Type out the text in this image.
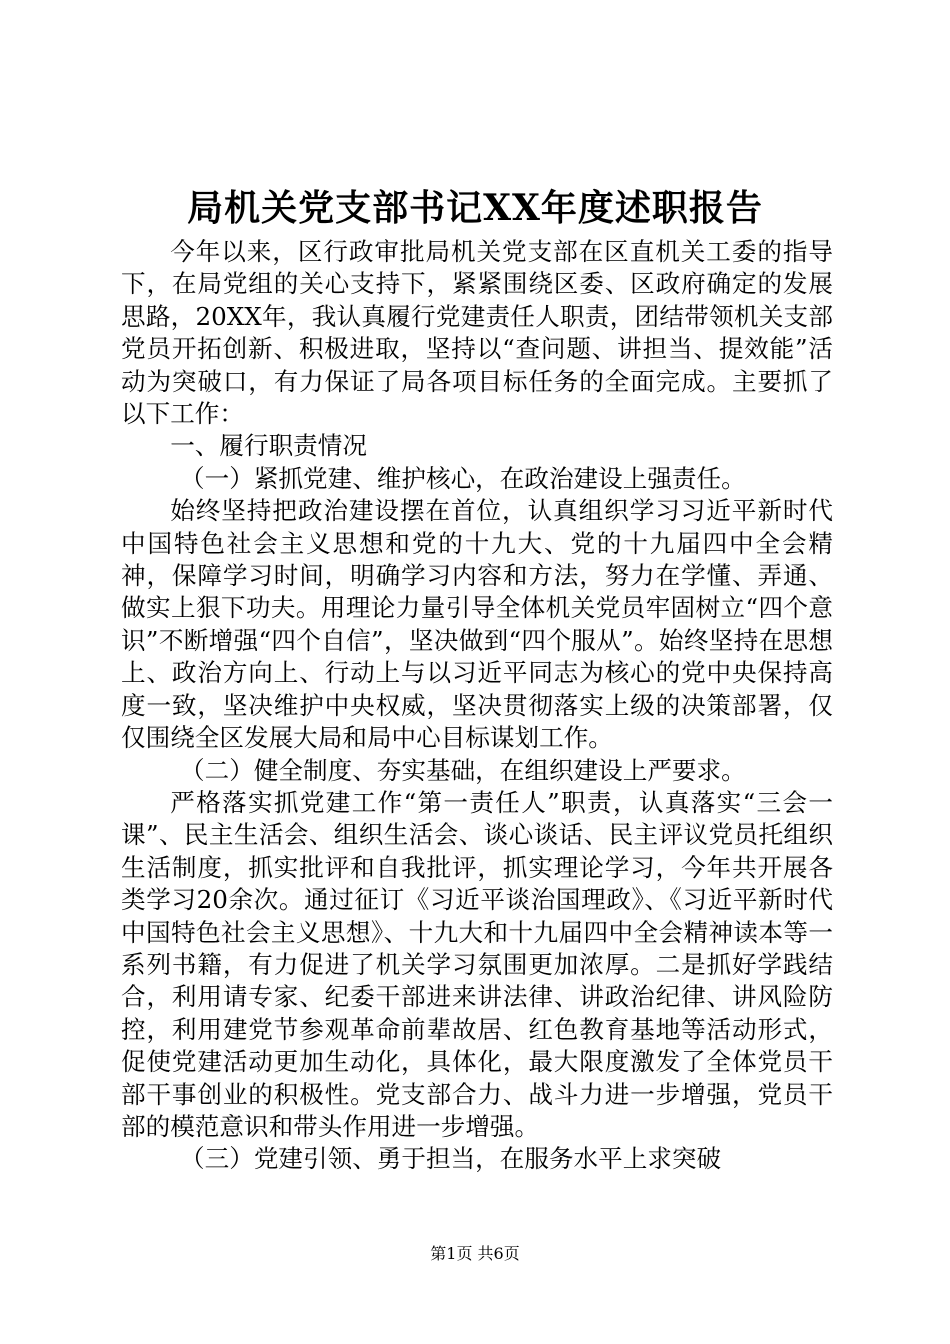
局机关党支部书记XX年度述职报告

今年以来，区行政审批局机关党支部在区直机关工委的指导下，在局党组的关心支持下，紧紧围绕区委、区政府确定的发展思路，20XX年，我认真履行党建责任人职责，团结带领机关支部党员开拓创新、积极进取，坚持以“查问题、讲担当、提效能”活动为突破口，有力保证了局各项目标任务的全面完成。主要抓了以下工作：

一、履行职责情况

（一）紧抓党建、维护核心，在政治建设上强责任。

始终坚持把政治建设摆在首位，认真组织学习习近平新时代中国特色社会主义思想和党的十九大、党的十九届四中全会精神，保障学习时间，明确学习内容和方法，努力在学懂、弄通、做实上狠下功夫。用理论力量引导全体机关党员牢固树立“四个意识”不断增强“四个自信”，坚决做到“四个服从”。始终坚持在思想上、政治方向上、行动上与以习近平同志为核心的党中央保持高度一致，坚决维护中央权威，坚决贯彻落实上级的决策部署，仅仅围绕全区发展大局和局中心目标谋划工作。

（二）健全制度、夯实基础，在组织建设上严要求。

严格落实抓党建工作“第一责任人”职责，认真落实“三会一课”、民主生活会、组织生活会、谈心谈话、民主评议党员托组织生活制度，抓实批评和自我批评，抓实理论学习，今年共开展各类学习20余次。通过征订《习近平谈治国理政》、《习近平新时代中国特色社会主义思想》、十九大和十九届四中全会精神读本等一系列书籍，有力促进了机关学习氛围更加浓厚。二是抓好学践结合，利用请专家、纪委干部进来讲法律、讲政治纪律、讲风险防控，利用建党节参观革命前辈故居、红色教育基地等活动形式，促使党建活动更加生动化，具体化，最大限度激发了全体党员干部干事创业的积极性。党支部合力、战斗力进一步增强，党员干部的模范意识和带头作用进一步增强。

（三）党建引领、勇于担当，在服务水平上求突破

第1页 共6页
